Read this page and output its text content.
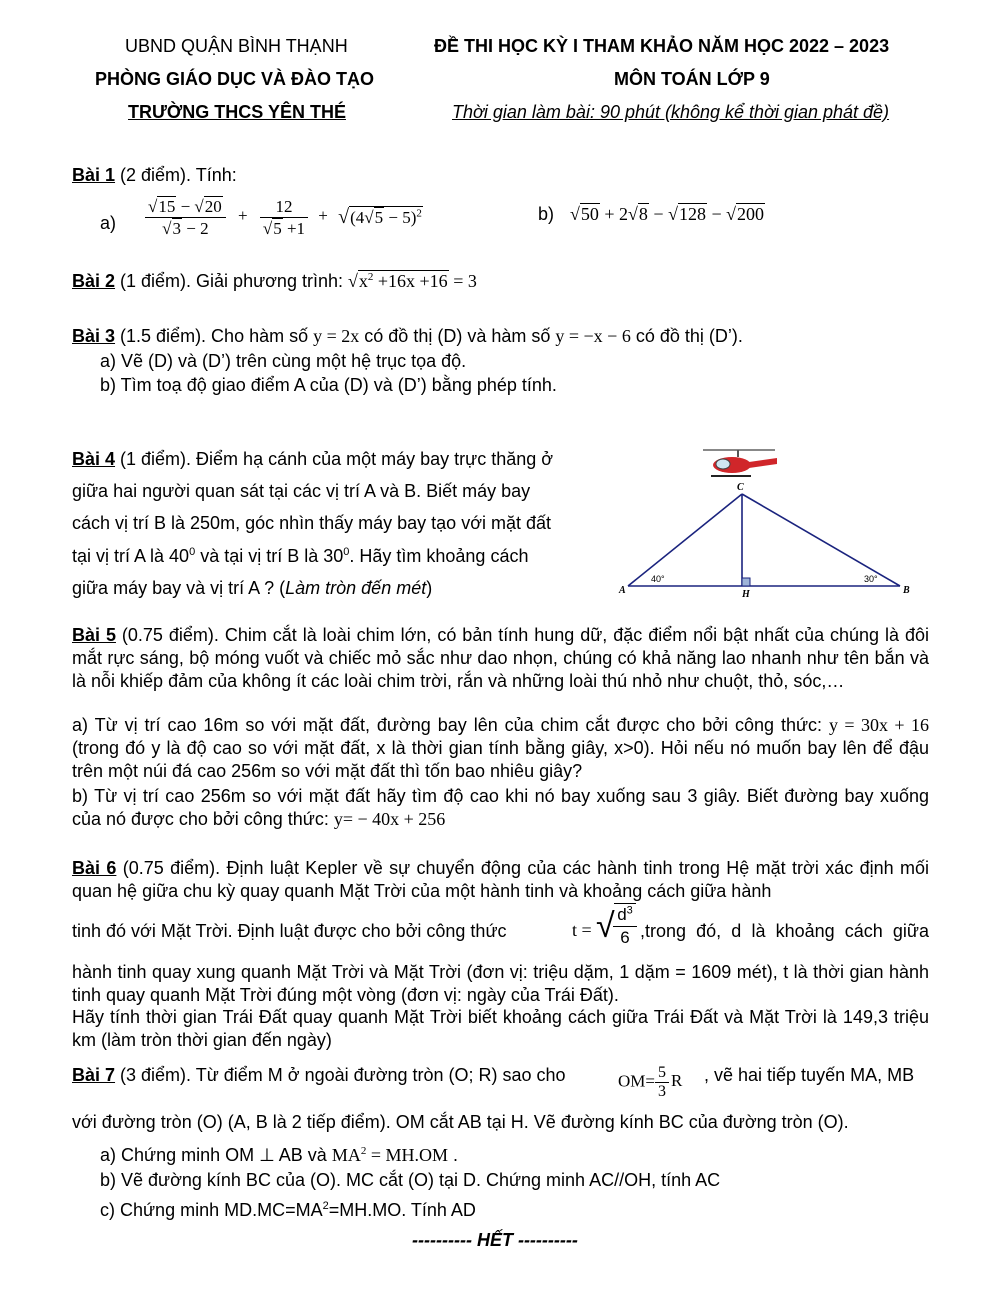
UBND QUẬN BÌNH THẠNH
PHÒNG GIÁO DỤC VÀ ĐÀO TẠO
TRƯỜNG THCS YÊN THÉ
ĐỀ THI HỌC KỲ I THAM KHẢO NĂM HỌC 2022 – 2023
MÔN TOÁN LỚP 9
Thời gian làm bài: 90 phút (không kể thời gian phát đề)
Bài 1 (2 điểm). Tính:
$a) \frac{√15 - √20}{√3 - 2} + \frac{12}{√5 +1} + √(4√5 - 5)^2$	b) √50 + 2√8 − √128 − √200
Bài 2 (1 điểm). Giải phương trình: $√x^2 +16x +16 = 3$
Bài 3 (1.5 điểm). Cho hàm số y = 2x có đồ thị (D) và hàm số y = −x − 6 có đồ thị (D’).
a) Vẽ (D) và (D’) trên cùng một hệ trục tọa độ.
b) Tìm toạ độ giao điểm A của (D) và (D’) bằng phép tính.
Bài 4 (1 điểm). Điểm hạ cánh của một máy bay trực thăng ở
giữa hai người quan sát tại các vị trí A và B. Biết máy bay
cách vị trí B là 250m, góc nhìn thấy máy bay tạo với mặt đất
tại vị trí A là $40^0$ và tại vị trí B là $30^0$. Hãy tìm khoảng cách
giữa máy bay và vị trí A ? (Làm tròn đến mét)
C
A	B
H
40°	30°
Bài 5 (0.75 điểm). Chim cắt là loài chim lớn, có bản tính hung dữ, đặc điểm nổi bật nhất của chúng là đôi mắt rực sáng, bộ móng vuốt và chiếc mỏ sắc như dao nhọn, chúng có khả năng lao nhanh như tên bắn và là nỗi khiếp đảm của không ít các loài chim trời, rắn và những loài thú nhỏ như chuột, thỏ, sóc,…
a) Từ vị trí cao 16m so với mặt đất, đường bay lên của chim cắt được cho bởi công thức: y = 30x + 16 (trong đó y là độ cao so với mặt đất, x là thời gian tính bằng giây, x>0). Hỏi nếu nó muốn bay lên để đậu trên một núi đá cao 256m so với mặt đất thì tốn bao nhiêu giây?
b) Từ vị trí cao 256m so với mặt đất hãy tìm độ cao khi nó bay xuống sau 3 giây. Biết đường bay xuống của nó được cho bởi công thức: y= − 40x + 256
Bài 6 (0.75 điểm). Định luật Kepler về sự chuyển động của các hành tinh trong Hệ mặt trời xác định mối quan hệ giữa chu kỳ quay quanh Mặt Trời của một hành tinh và khoảng cách giữa hành
tinh đó với Mặt Trời. Định luật được cho bởi công thức	t = √ $d^3$
6 ,trong đó, d là khoảng cách giữa
hành tinh quay xung quanh Mặt Trời và Mặt Trời (đơn vị: triệu dặm, 1 dặm = 1609 mét), t là thời gian hành tinh quay quanh Mặt Trời đúng một vòng (đơn vị: ngày của Trái Đất).
Hãy tính thời gian Trái Đất quay quanh Mặt Trời biết khoảng cách giữa Trái Đất và Mặt Trời là 149,3 triệu km (làm tròn thời gian đến ngày)
Bài 7 (3 điểm). Từ điểm M ở ngoài đường tròn (O; R) sao cho	$OM= \frac{5}{3}$ R , vẽ hai tiếp tuyến MA, MB
với đường tròn (O) (A, B là 2 tiếp điểm). OM cắt AB tại H. Vẽ đường kính BC của đường tròn (O).
a) Chứng minh OM ⊥ AB và $MA^2 = MH.OM$ .
b) Vẽ đường kính BC của (O). MC cắt (O) tại D. Chứng minh AC//OH, tính AC
c) Chứng minh $MD.MC=MA^2=MH.MO$. Tính AD
---------- HẾT ----------
